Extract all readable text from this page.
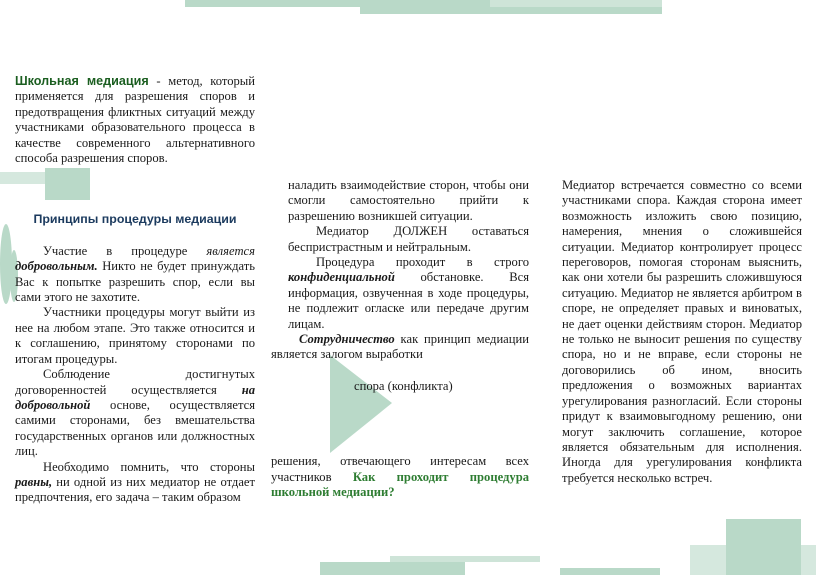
Школьная медиация - метод, который применяется для разрешения споров и предотвращения фликтных ситуаций между участниками образовательного процесса в качестве современного альтернативного способа разрешения споров.

Принципы процедуры медиации

Участие в процедуре является добровольным. Никто не будет принуждать Вас к попытке разрешить спор, если вы сами этого не захотите.

Участники процедуры могут выйти из нее на любом этапе. Это также относится и к соглашению, принятому сторонами по итогам процедуры.

Соблюдение достигнутых договоренностей осуществляется на добровольной основе, осуществляется самими сторонами, без вмешательства государственных органов или должностных лиц.

Необходимо помнить, что стороны равны, ни одной из них медиатор не отдает предпочтения, его задача – таким образом

наладить взаимодействие сторон, чтобы они смогли самостоятельно прийти к разрешению возникшей ситуации.

Медиатор ДОЛЖЕН оставаться беспристрастным и нейтральным.

Процедура проходит в строго конфиденциальной обстановке. Вся информация, озвученная в ходе процедуры, не подлежит огласке или передаче другим лицам.

Сотрудничество как принцип медиации является залогом выработки

спора (конфликта)

решения, отвечающего интересам всех участников Как проходит процедура школьной медиации?

Медиатор встречается совместно со всеми участниками спора. Каждая сторона имеет возможность изложить свою позицию, намерения, мнения о сложившейся ситуации. Медиатор контролирует процесс переговоров, помогая сторонам выяснить, как они хотели бы разрешить сложившуюся ситуацию. Медиатор не является арбитром в споре, не определяет правых и виноватых, не дает оценки действиям сторон. Медиатор не только не выносит решения по существу спора, но и не вправе, если стороны не договорились об ином, вносить предложения о возможных вариантах урегулирования разногласий. Если стороны придут к взаимовыгодному решению, они могут заключить соглашение, которое является обязательным для исполнения. Иногда для урегулирования конфликта требуется несколько встреч.
